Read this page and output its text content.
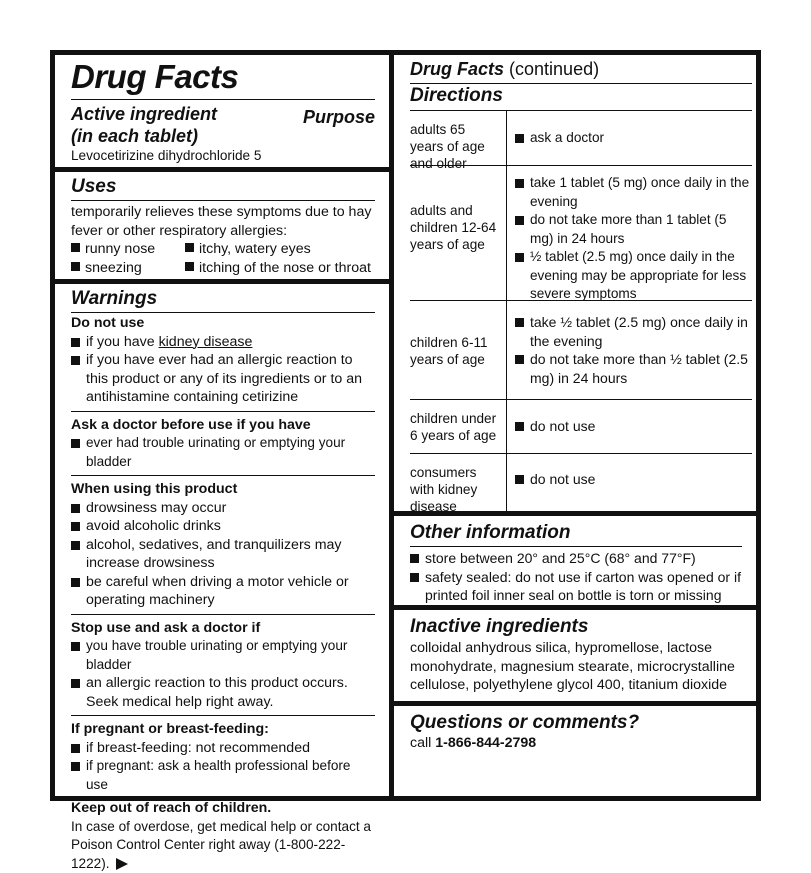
Drug Facts
Active ingredient
(in each tablet)
Purpose
Levocetirizine dihydrochloride 5
Uses
temporarily relieves these symptoms due to hay fever or other respiratory allergies:
runny nose	itchy, watery eyes
sneezing	itching of the nose or throat
Warnings
Do not use
if you have kidney disease
if you have ever had an allergic reaction to this product or any of its ingredients or to an antihistamine containing cetirizine
Ask a doctor before use if you have
ever had trouble urinating or emptying your bladder
When using this product
drowsiness may occur
avoid alcoholic drinks
alcohol, sedatives, and tranquilizers may increase drowsiness
be careful when driving a motor vehicle or operating machinery
Stop use and ask a doctor if
you have trouble urinating or emptying your bladder
an allergic reaction to this product occurs. Seek medical help right away.
If pregnant or breast-feeding:
if breast-feeding: not recommended
if pregnant: ask a health professional before use
Keep out of reach of children.
In case of overdose, get medical help or contact a Poison Control Center right away (1-800-222-1222).
Drug Facts (continued)
Directions
adults 65 years of age and older
ask a doctor
adults and children 12-64 years of age
take 1 tablet (5 mg) once daily in the evening
do not take more than 1 tablet (5 mg) in 24 hours
½ tablet (2.5 mg) once daily in the evening may be appropriate for less severe symptoms
children 6-11 years of age
take ½ tablet (2.5 mg) once daily in the evening
do not take more than ½ tablet (2.5 mg) in 24 hours
children under 6 years of age
do not use
consumers with kidney disease
do not use
Other information
store between 20° and 25°C (68° and 77°F)
safety sealed: do not use if carton was opened or if printed foil inner seal on bottle is torn or missing
Inactive ingredients
colloidal anhydrous silica, hypromellose, lactose monohydrate, magnesium stearate, microcrystalline cellulose, polyethylene glycol 400, titanium dioxide
Questions or comments?
call 1-866-844-2798
